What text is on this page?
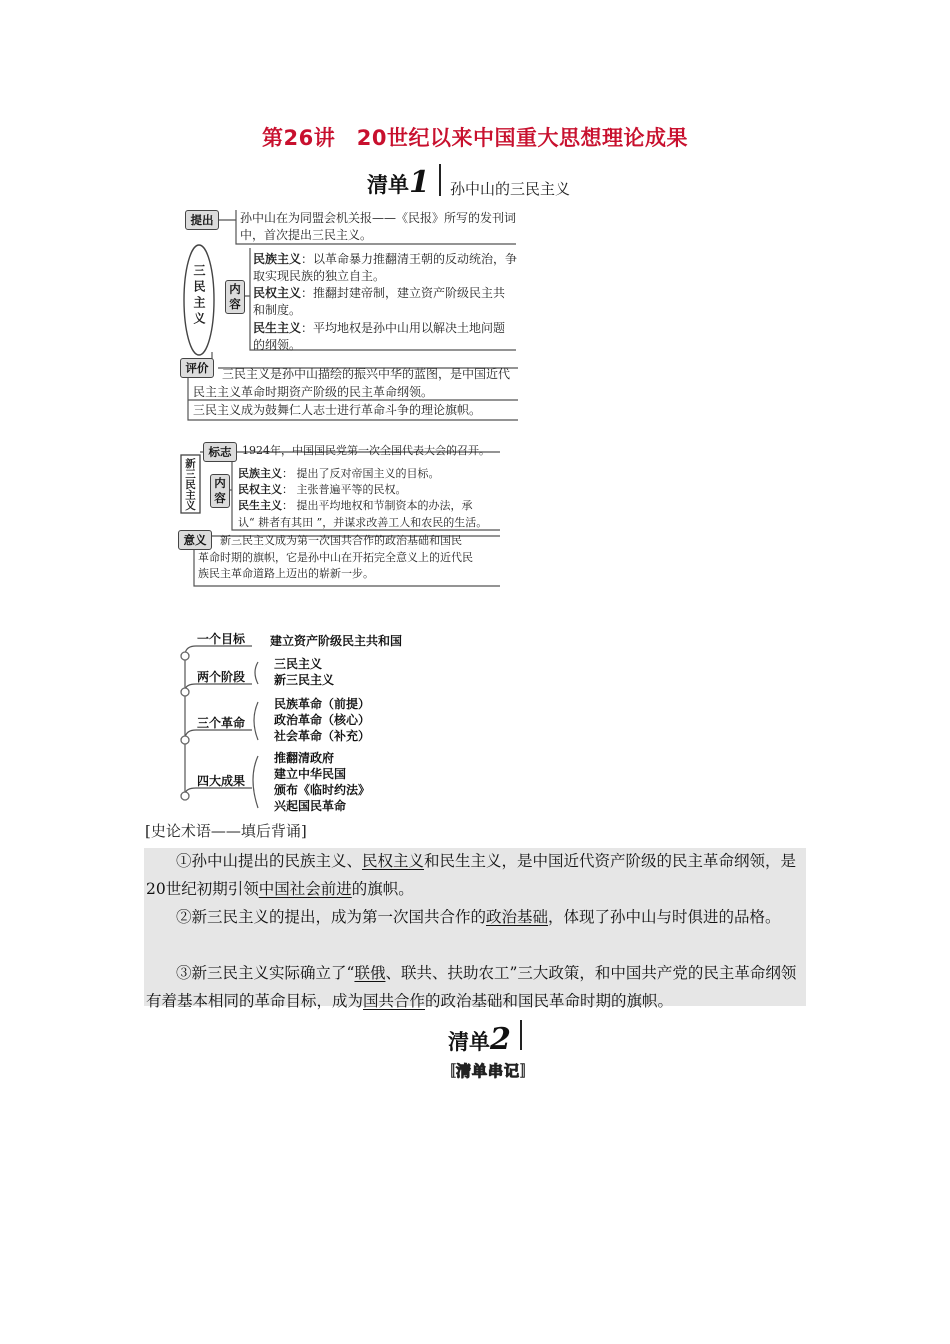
第26讲　20世纪以来中国重大思想理论成果
清单1 孙中山的三民主义
三民主义
提出	孙中山在为同盟会机关报——《民报》所写的发刊词
中，首次提出三民主义。
内容
民族主义：以革命暴力推翻清王朝的反动统治，争
取实现民族的独立自主。
民权主义：推翻封建帝制，建立资产阶级民主共
和制度。
民生主义：平均地权是孙中山用以解决土地问题
的纲领。
评价	三民主义是孙中山描绘的振兴中华的蓝图，是中国近代
民主主义革命时期资产阶级的民主革命纲领。
三民主义成为鼓舞仁人志士进行革命斗争的理论旗帜。
新三民主义
标志 1924年，中国国民党第一次全国代表大会的召开。
内容
民族主义： 提出了反对帝国主义的目标。
民权主义： 主张普遍平等的民权。
民生主义： 提出平均地权和节制资本的办法，承
认“ 耕者有其田 ”，并谋求改善工人和农民的生活。
意义	新三民主义成为第一次国共合作的政治基础和国民
革命时期的旗帜，它是孙中山在开拓完全意义上的近代民
族民主革命道路上迈出的崭新一步。
一个目标 建立资产阶级民主共和国
两个阶段
三民主义
新三民主义
三个革命
民族革命（前提）
政治革命（核心）
社会革命（补充）
四大成果
推翻清政府
建立中华民国
颁布《临时约法》
兴起国民革命
[史论术语——填后背诵]

①孙中山提出的民族主义、民权主义和民生主义，是中国近代资产阶级的民主革命纲领，是20世纪初期引领中国社会前进的旗帜。

②新三民主义的提出，成为第一次国共合作的政治基础，体现了孙中山与时俱进的品格。

③新三民主义实际确立了“联俄、联共、扶助农工”三大政策，和中国共产党的民主革命纲领有着基本相同的革命目标，成为国共合作的政治基础和国民革命时期的旗帜。

清单2
〚清单串记〛
